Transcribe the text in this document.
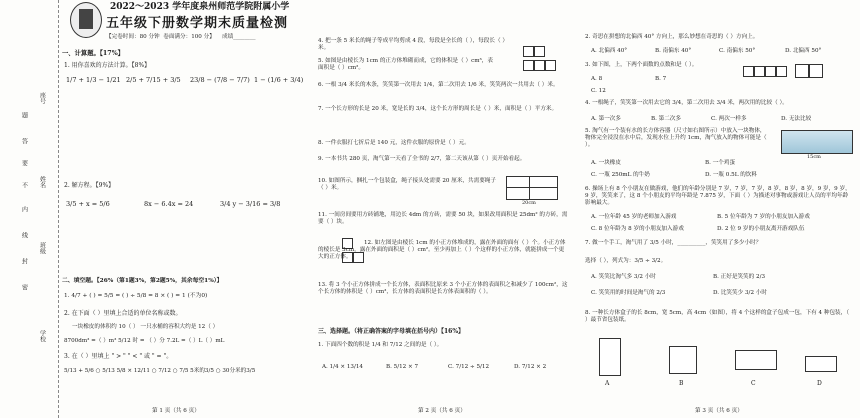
座号
题
答
要
不
内
线
封
密
姓名
班级
学校
2022～2023 学年度泉州师范学院附属小学
五年级下册数学期末质量检测
【完卷时间：80 分钟 卷面满分：100 分】 成绩________
一、计算题。【17%】
1. 用你喜欢的方法计算。【8%】
1/7 + 1/3 − 1/21 2/5 + 7/15 + 3/5 23/8 − (7/8 − 7/7) 1 − (1/6 + 3/4)
2. 解方程。【9%】
3/5 + x = 5/6	8x − 6.4x = 24	3/4 y − 3/16 = 3/8
二、填空题。【26%（第1题3%，第2题5%，其余每空1%）】
1. 4/7 + ( ) = 5/5 = ( ) ÷ 5/8 = 8 × ( ) = 1 (不为0)
2. 在下面（ ）里填上合适的单位名称或数。
一块橡皮的体积约 10（ ） 一只水桶的容积大约是 12（ ）
8700dm³ =（ ）m³ 5/12 时 = （ ）分 7.2L =（ ）L（ ）mL
3. 在（ ）里填上 " > " " < " 或 " = "。
5/13 + 5/6 ○ 5/13 5/8 × 12/11 ○ 7/12 ○ 7/5 5米的3/5 ○ 30分米的3/5
第 1 页（共 6 页）
4. 把一条 5 米长的绳子等成平均剪成 4 段，每段是全长的（ ），每段长（ ）米。
5. 如图是由棱长为 1cm 的正方体堆砌而成，它的体积是（ ）cm³，表面积是（ ）cm²。
6. 一根 3/4 米长的木条，笑笑第一次用去 1/4，第二次用去 1/6 米，笑笑两次一共用去（ ）米。
7. 一个长方形的长是 20 米，宽是长的 3/4，这个长方形的周长是（ ）米，面积是（ ）平方米。
8. 一件衣服打七折后是 140 元，这件衣服的原价是（ ）元。
9. 一本书共 280 页，淘气第一天看了全书的 2/7，第二天该从第（ ）页开始看起。
10. 如图所示，捆扎一个包装盒，绳子接头处需要 20 厘米，共需要绳子（ ）米。
20cm
11. 一间房间要用方砖铺地，用边长 4dm 的方砖，需要 50 块，如果改用面积是 25dm² 的方砖，需要（ ）块。
12. 如左图是由棱长 1cm 的小正方体堆成的，露在外面的面有（ ）个。小正方体的棱长是 3cm，露在外面的面积是（ ）cm²。至少再加上（ ）个这样的小正方体，就能拼成一个更大的正方体。
13. 将 3 个小正方体拼成一个长方体，表面积比原来 3 个小正方体的表面积之和减少了 100cm²，这个长方体的体积是（ ）cm³，长方体的表面积是长方体表面积的（ ）。
三、选择题。（将正确答案的字母填在括号内）【16%】
1. 下面四个数的积是 1/4 和 7/12 之间的是（ ）。
A. 1/4 × 13/14	B. 5/12 × 7	C. 7/12 ÷ 5/12	D. 7/12 × 2
第 2 页（共 6 页）
2. 奇思在拼想的北偏西 40° 方向上，那么妙想在奇思的（ ）方向上。
A. 北偏西 40°	B. 南偏东 40°	C. 南偏东 50°	D. 北偏西 50°
3. 如下图，上，下两个面数的点数和是（ ）。
A. 8	B. 7
C. 12
4. 一根绳子，笑笑第一次用去它的 3/4，第二次用去 3/4 米，两次用的比较（ ）。
A. 第一次多	B. 第二次多	C. 两次一样多	D. 无法比较
5. 淘气有一个装有水的长方体容器（尺寸如右图所示）中放入一块物体，物体完全浸没在水中后，发现水位上升约 1cm，淘气放入的物体可能是（ ）。
15cm
A. 一块橡皮	B. 一个鸡蛋
C. 一瓶 250mL 的牛奶	D. 一瓶 0.5L 的饮料
6. 操场上有 8 个小朋友在做游戏，他们的年龄分别是 7 岁，7 岁，7 岁，8 岁，8 岁，8 岁，9 岁，9 岁，9 岁，笑笑来了，这 8 个小朋友的平均年龄是 7.875 岁，下面（ ）为描述对事物或游戏让人员的平均年龄影响最大。
A. 一位年龄 45 岁的老师加入游戏	B. 5 位年龄为 7 岁的小朋友加入游戏
C. 8 位年龄为 8 岁的小朋友加入游戏	D. 2 位 9 岁的小朋友离开游戏队伍
7. 做一个手工，淘气用了 3/5 小时，__________，笑笑用了多少小时？
选择（ ），列式为：3/5 ÷ 3/2。
A. 笑笑比淘气多 3/2 小时	B. 正好是笑笑的 2/3
C. 笑笑用的时间是淘气的 2/3	D. 比笑笑少 3/2 小时
8. 一种长方体盒子的长 8cm，宽 5cm，高 4cm（如图），将 4 个这样的盒子包成一包，下有 4 种包装，（ ）最节省包装纸。
A	B	C	D
第 3 页（共 6 页）
